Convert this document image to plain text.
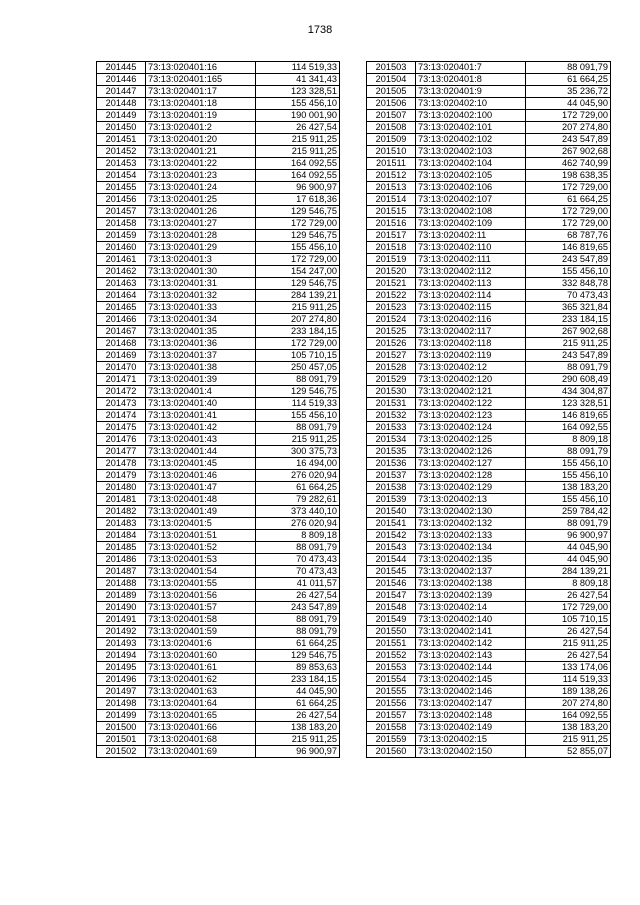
1738
201445	73:13:020401:16	114 519,33
201446	73:13:020401:165	41 341,43
201447	73:13:020401:17	123 328,51
201448	73:13:020401:18	155 456,10
201449	73:13:020401:19	190 001,90
201450	73:13:020401:2	26 427,54
201451	73:13:020401:20	215 911,25
201452	73:13:020401:21	215 911,25
201453	73:13:020401:22	164 092,55
201454	73:13:020401:23	164 092,55
201455	73:13:020401:24	96 900,97
201456	73:13:020401:25	17 618,36
201457	73:13:020401:26	129 546,75
201458	73:13:020401:27	172 729,00
201459	73:13:020401:28	129 546,75
201460	73:13:020401:29	155 456,10
201461	73:13:020401:3	172 729,00
201462	73:13:020401:30	154 247,00
201463	73:13:020401:31	129 546,75
201464	73:13:020401:32	284 139,21
201465	73:13:020401:33	215 911,25
201466	73:13:020401:34	207 274,80
201467	73:13:020401:35	233 184,15
201468	73:13:020401:36	172 729,00
201469	73:13:020401:37	105 710,15
201470	73:13:020401:38	250 457,05
201471	73:13:020401:39	88 091,79
201472	73:13:020401:4	129 546,75
201473	73:13:020401:40	114 519,33
201474	73:13:020401:41	155 456,10
201475	73:13:020401:42	88 091,79
201476	73:13:020401:43	215 911,25
201477	73:13:020401:44	300 375,73
201478	73:13:020401:45	16 494,00
201479	73:13:020401:46	276 020,94
201480	73:13:020401:47	61 664,25
201481	73:13:020401:48	79 282,61
201482	73:13:020401:49	373 440,10
201483	73:13:020401:5	276 020,94
201484	73:13:020401:51	8 809,18
201485	73:13:020401:52	88 091,79
201486	73:13:020401:53	70 473,43
201487	73:13:020401:54	70 473,43
201488	73:13:020401:55	41 011,57
201489	73:13:020401:56	26 427,54
201490	73:13:020401:57	243 547,89
201491	73:13:020401:58	88 091,79
201492	73:13:020401:59	88 091,79
201493	73:13:020401:6	61 664,25
201494	73:13:020401:60	129 546,75
201495	73:13:020401:61	89 853,63
201496	73:13:020401:62	233 184,15
201497	73:13:020401:63	44 045,90
201498	73:13:020401:64	61 664,25
201499	73:13:020401:65	26 427,54
201500	73:13:020401:66	138 183,20
201501	73:13:020401:68	215 911,25
201502	73:13:020401:69	96 900,97
201503	73:13:020401:7	88 091,79
201504	73:13:020401:8	61 664,25
201505	73:13:020401:9	35 236,72
201506	73:13:020402:10	44 045,90
201507	73:13:020402:100	172 729,00
201508	73:13:020402:101	207 274,80
201509	73:13:020402:102	243 547,89
201510	73:13:020402:103	267 902,68
201511	73:13:020402:104	462 740,99
201512	73:13:020402:105	198 638,35
201513	73:13:020402:106	172 729,00
201514	73:13:020402:107	61 664,25
201515	73:13:020402:108	172 729,00
201516	73:13:020402:109	172 729,00
201517	73:13:020402:11	68 787,76
201518	73:13:020402:110	146 819,65
201519	73:13:020402:111	243 547,89
201520	73:13:020402:112	155 456,10
201521	73:13:020402:113	332 848,78
201522	73:13:020402:114	70 473,43
201523	73:13:020402:115	365 321,84
201524	73:13:020402:116	233 184,15
201525	73:13:020402:117	267 902,68
201526	73:13:020402:118	215 911,25
201527	73:13:020402:119	243 547,89
201528	73:13:020402:12	88 091,79
201529	73:13:020402:120	290 608,49
201530	73:13:020402:121	434 304,87
201531	73:13:020402:122	123 328,51
201532	73:13:020402:123	146 819,65
201533	73:13:020402:124	164 092,55
201534	73:13:020402:125	8 809,18
201535	73:13:020402:126	88 091,79
201536	73:13:020402:127	155 456,10
201537	73:13:020402:128	155 456,10
201538	73:13:020402:129	138 183,20
201539	73:13:020402:13	155 456,10
201540	73:13:020402:130	259 784,42
201541	73:13:020402:132	88 091,79
201542	73:13:020402:133	96 900,97
201543	73:13:020402:134	44 045,90
201544	73:13:020402:135	44 045,90
201545	73:13:020402:137	284 139,21
201546	73:13:020402:138	8 809,18
201547	73:13:020402:139	26 427,54
201548	73:13:020402:14	172 729,00
201549	73:13:020402:140	105 710,15
201550	73:13:020402:141	26 427,54
201551	73:13:020402:142	215 911,25
201552	73:13:020402:143	26 427,54
201553	73:13:020402:144	133 174,06
201554	73:13:020402:145	114 519,33
201555	73:13:020402:146	189 138,26
201556	73:13:020402:147	207 274,80
201557	73:13:020402:148	164 092,55
201558	73:13:020402:149	138 183,20
201559	73:13:020402:15	215 911,25
201560	73:13:020402:150	52 855,07
